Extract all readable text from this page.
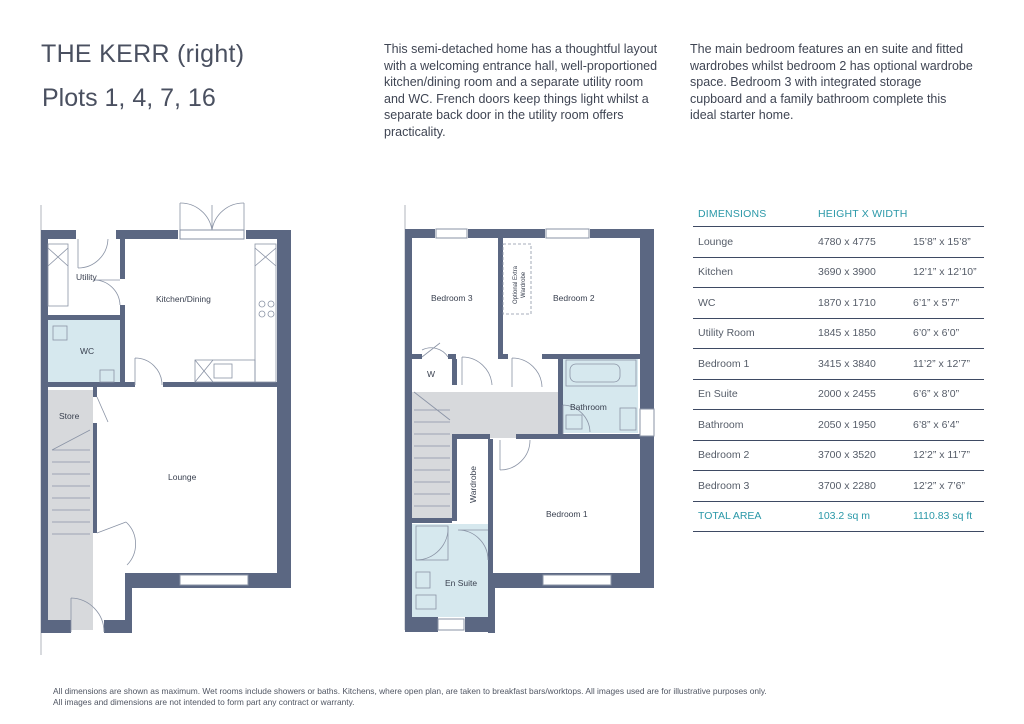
THE KERR (right)
Plots 1, 4, 7, 16
This semi-detached home has a thoughtful layout with a welcoming entrance hall, well-proportioned kitchen/dining room and a separate utility room and WC. French doors keep things light whilst a separate back door in the utility room offers practicality.
The main bedroom features an en suite and fitted wardrobes whilst bedroom 2 has optional wardrobe space. Bedroom 3 with integrated storage cupboard and a family bathroom complete this ideal starter home.
Utility
Kitchen/Dining
WC
Store
Lounge
Bedroom 3	Bedroom 2
Optional Extra Wardrobe
W
Bathroom
Wardrobe
Bedroom 1
En Suite
DIMENSIONS	HEIGHT X WIDTH	
Lounge	4780 x 4775	15’8” x 15’8”
Kitchen	3690 x 3900	12’1” x 12’10”
WC	1870 x 1710	6’1” x 5’7”
Utility Room	1845 x 1850	6’0” x 6’0”
Bedroom 1	3415 x 3840	11’2” x 12’7”
En Suite	2000 x 2455	6’6” x 8’0”
Bathroom	2050 x 1950	6’8” x 6’4”
Bedroom 2	3700 x 3520	12’2” x 11’7”
Bedroom 3	3700 x 2280	12’2” x 7’6”
TOTAL AREA	103.2 sq m	1110.83 sq ft
All dimensions are shown as maximum. Wet rooms include showers or baths. Kitchens, where open plan, are taken to breakfast bars/worktops. All images used are for illustrative purposes only.
All images and dimensions are not intended to form part any contract or warranty.
